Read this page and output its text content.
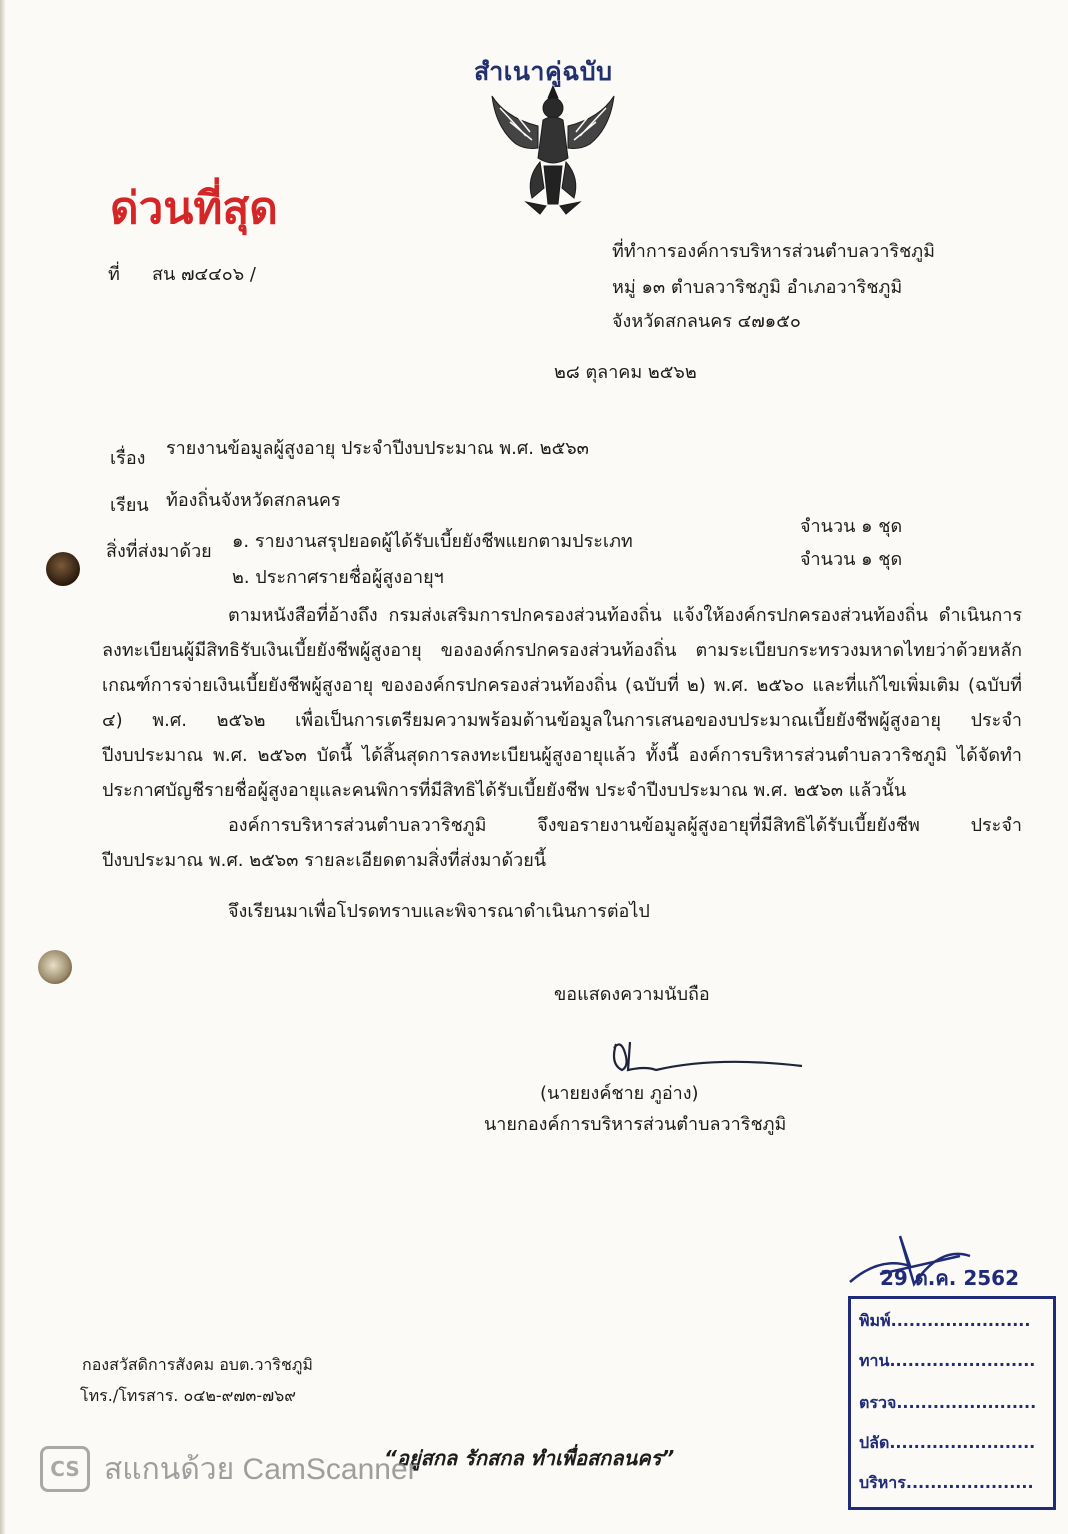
สำเนาคู่ฉบับ
ด่วนที่สุด
ที่ สน ๗๔๔๐๖ /
ที่ทำการองค์การบริหารส่วนตำบลวาริชภูมิ
หมู่ ๑๓ ตำบลวาริชภูมิ อำเภอวาริชภูมิ
จังหวัดสกลนคร ๔๗๑๕๐
๒๘ ตุลาคม ๒๕๖๒
เรื่อง รายงานข้อมูลผู้สูงอายุ ประจำปีงบประมาณ พ.ศ. ๒๕๖๓
เรียน ท้องถิ่นจังหวัดสกลนคร
สิ่งที่ส่งมาด้วย ๑. รายงานสรุปยอดผู้ได้รับเบี้ยยังชีพแยกตามประเภท
จำนวน ๑ ชุด
๒. ประกาศรายชื่อผู้สูงอายุฯ
จำนวน ๑ ชุด
ตามหนังสือที่อ้างถึง กรมส่งเสริมการปกครองส่วนท้องถิ่น แจ้งให้องค์กรปกครองส่วนท้องถิ่น ดำเนินการลงทะเบียนผู้มีสิทธิรับเงินเบี้ยยังชีพผู้สูงอายุ ขององค์กรปกครองส่วนท้องถิ่น ตามระเบียบกระทรวงมหาดไทยว่าด้วยหลักเกณฑ์การจ่ายเงินเบี้ยยังชีพผู้สูงอายุ ขององค์กรปกครองส่วนท้องถิ่น (ฉบับที่ ๒) พ.ศ. ๒๕๖๐ และที่แก้ไขเพิ่มเติม (ฉบับที่ ๔) พ.ศ. ๒๕๖๒ เพื่อเป็นการเตรียมความพร้อมด้านข้อมูลในการเสนอของบประมาณเบี้ยยังชีพผู้สูงอายุ ประจำปีงบประมาณ พ.ศ. ๒๕๖๓ บัดนี้ ได้สิ้นสุดการลงทะเบียนผู้สูงอายุแล้ว ทั้งนี้ องค์การบริหารส่วนตำบลวาริชภูมิ ได้จัดทำประกาศบัญชีรายชื่อผู้สูงอายุและคนพิการที่มีสิทธิได้รับเบี้ยยังชีพ ประจำปีงบประมาณ พ.ศ. ๒๕๖๓ แล้วนั้น
องค์การบริหารส่วนตำบลวาริชภูมิ จึงขอรายงานข้อมูลผู้สูงอายุที่มีสิทธิได้รับเบี้ยยังชีพ ประจำปีงบประมาณ พ.ศ. ๒๕๖๓ รายละเอียดตามสิ่งที่ส่งมาด้วยนี้
จึงเรียนมาเพื่อโปรดทราบและพิจารณาดำเนินการต่อไป
ขอแสดงความนับถือ
(นายยงค์ชาย ภูอ่าง)
นายกองค์การบริหารส่วนตำบลวาริชภูมิ
กองสวัสดิการสังคม อบต.วาริชภูมิ
โทร./โทรสาร. ๐๔๒-๙๗๓-๗๖๙
“อยู่สกล รักสกล ทำเพื่อสกลนคร”
CS สแกนด้วย CamScanner
29 ต.ค. 2562
พิมพ์.......................
ทาน........................
ตรวจ.......................
ปลัด........................
บริหาร.....................
